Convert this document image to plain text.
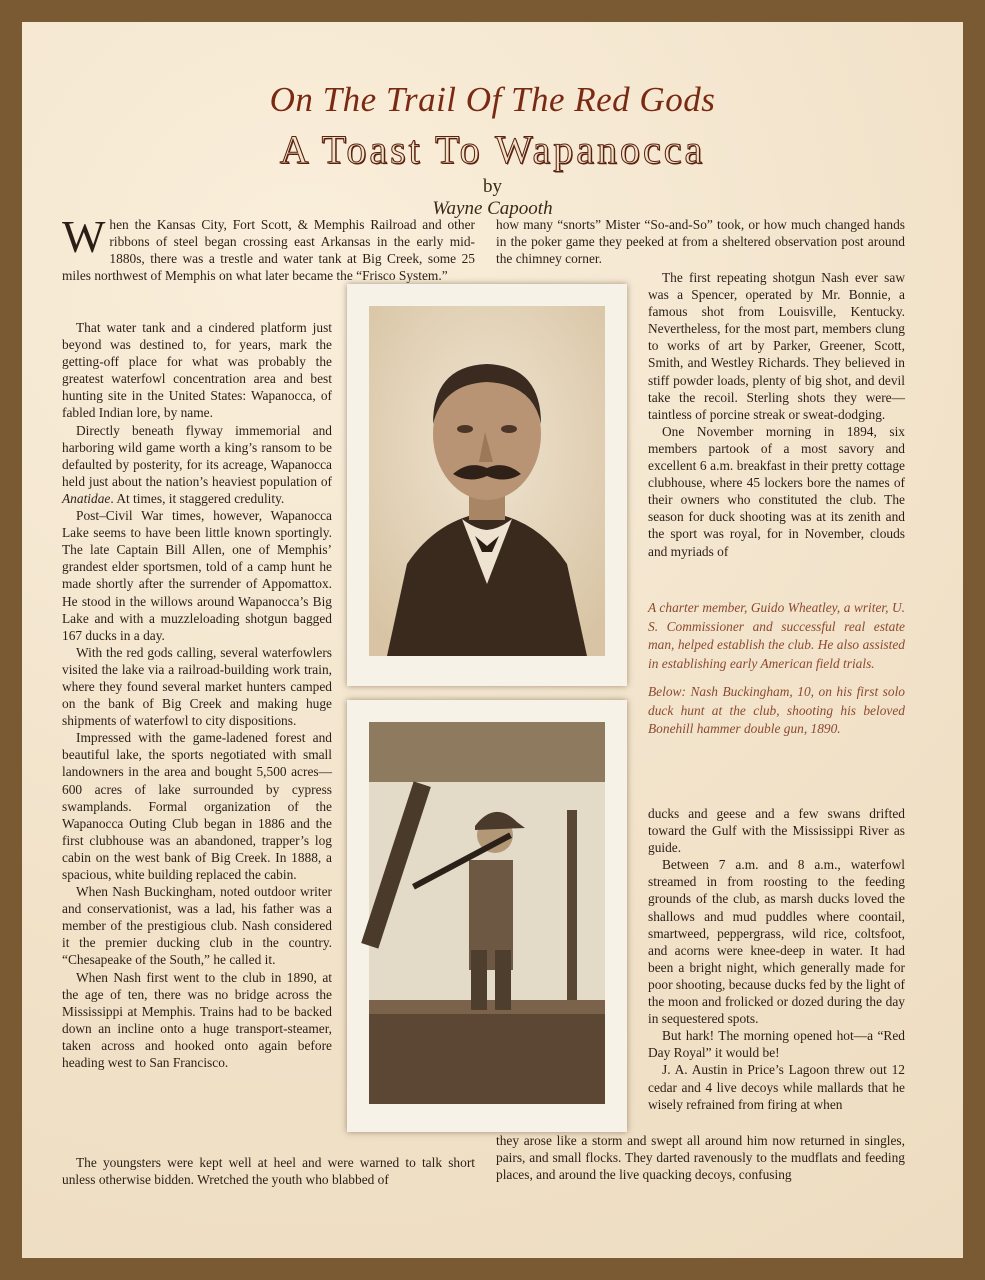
On The Trail Of The Red Gods
A Toast To Wapanocca
by
Wayne Capooth

When the Kansas City, Fort Scott, & Memphis Railroad and other ribbons of steel began crossing east Arkansas in the early mid-1880s, there was a trestle and water tank at Big Creek, some 25 miles northwest of Memphis on what later became the “Frisco System.”

That water tank and a cindered platform just beyond was destined to, for years, mark the getting-off place for what was probably the greatest waterfowl concentration area and best hunting site in the United States: Wapanocca, of fabled Indian lore, by name.

Directly beneath flyway immemorial and harboring wild game worth a king’s ransom to be defaulted by posterity, for its acreage, Wapanocca held just about the nation’s heaviest population of Anatidae. At times, it staggered credulity.

Post–Civil War times, however, Wapanocca Lake seems to have been little known sportingly. The late Captain Bill Allen, one of Memphis’ grandest elder sportsmen, told of a camp hunt he made shortly after the surrender of Appomattox. He stood in the willows around Wapanocca’s Big Lake and with a muzzleloading shotgun bagged 167 ducks in a day.

With the red gods calling, several waterfowlers visited the lake via a railroad-building work train, where they found several market hunters camped on the bank of Big Creek and making huge shipments of waterfowl to city dispositions.

Impressed with the game-ladened forest and beautiful lake, the sports negotiated with small landowners in the area and bought 5,500 acres—600 acres of lake surrounded by cypress swamplands. Formal organization of the Wapanocca Outing Club began in 1886 and the first clubhouse was an abandoned, trapper’s log cabin on the west bank of Big Creek. In 1888, a spacious, white building replaced the cabin.

When Nash Buckingham, noted outdoor writer and conservationist, was a lad, his father was a member of the prestigious club. Nash considered it the premier ducking club in the country. “Chesapeake of the South,” he called it.

When Nash first went to the club in 1890, at the age of ten, there was no bridge across the Mississippi at Memphis. Trains had to be backed down an incline onto a huge transport-steamer, taken across and hooked onto again before heading west to San Francisco.

The youngsters were kept well at heel and were warned to talk short unless otherwise bidden. Wretched the youth who blabbed of

how many “snorts” Mister “So-and-So” took, or how much changed hands in the poker game they peeked at from a sheltered observation post around the chimney corner.

The first repeating shotgun Nash ever saw was a Spencer, operated by Mr. Bonnie, a famous shot from Louisville, Kentucky. Nevertheless, for the most part, members clung to works of art by Parker, Greener, Scott, Smith, and Westley Richards. They believed in stiff powder loads, plenty of big shot, and devil take the recoil. Sterling shots they were—taintless of porcine streak or sweat-dodging.

One November morning in 1894, six members partook of a most savory and excellent 6 a.m. breakfast in their pretty cottage clubhouse, where 45 lockers bore the names of their owners who constituted the club. The season for duck shooting was at its zenith and the sport was royal, for in November, clouds and myriads of

A charter member, Guido Wheatley, a writer, U. S. Commissioner and successful real estate man, helped establish the club. He also assisted in establishing early American field trials.

Below: Nash Buckingham, 10, on his first solo duck hunt at the club, shooting his beloved Bonehill hammer double gun, 1890.

ducks and geese and a few swans drifted toward the Gulf with the Mississippi River as guide.

Between 7 a.m. and 8 a.m., waterfowl streamed in from roosting to the feeding grounds of the club, as marsh ducks loved the shallows and mud puddles where coontail, smartweed, peppergrass, wild rice, coltsfoot, and acorns were knee-deep in water. It had been a bright night, which generally made for poor shooting, because ducks fed by the light of the moon and frolicked or dozed during the day in sequestered spots.

But hark! The morning opened hot—a “Red Day Royal” it would be!

J. A. Austin in Price’s Lagoon threw out 12 cedar and 4 live decoys while mallards that he wisely refrained from firing at when

they arose like a storm and swept all around him now returned in singles, pairs, and small flocks. They darted ravenously to the mudflats and feeding places, and around the live quacking decoys, confusing
